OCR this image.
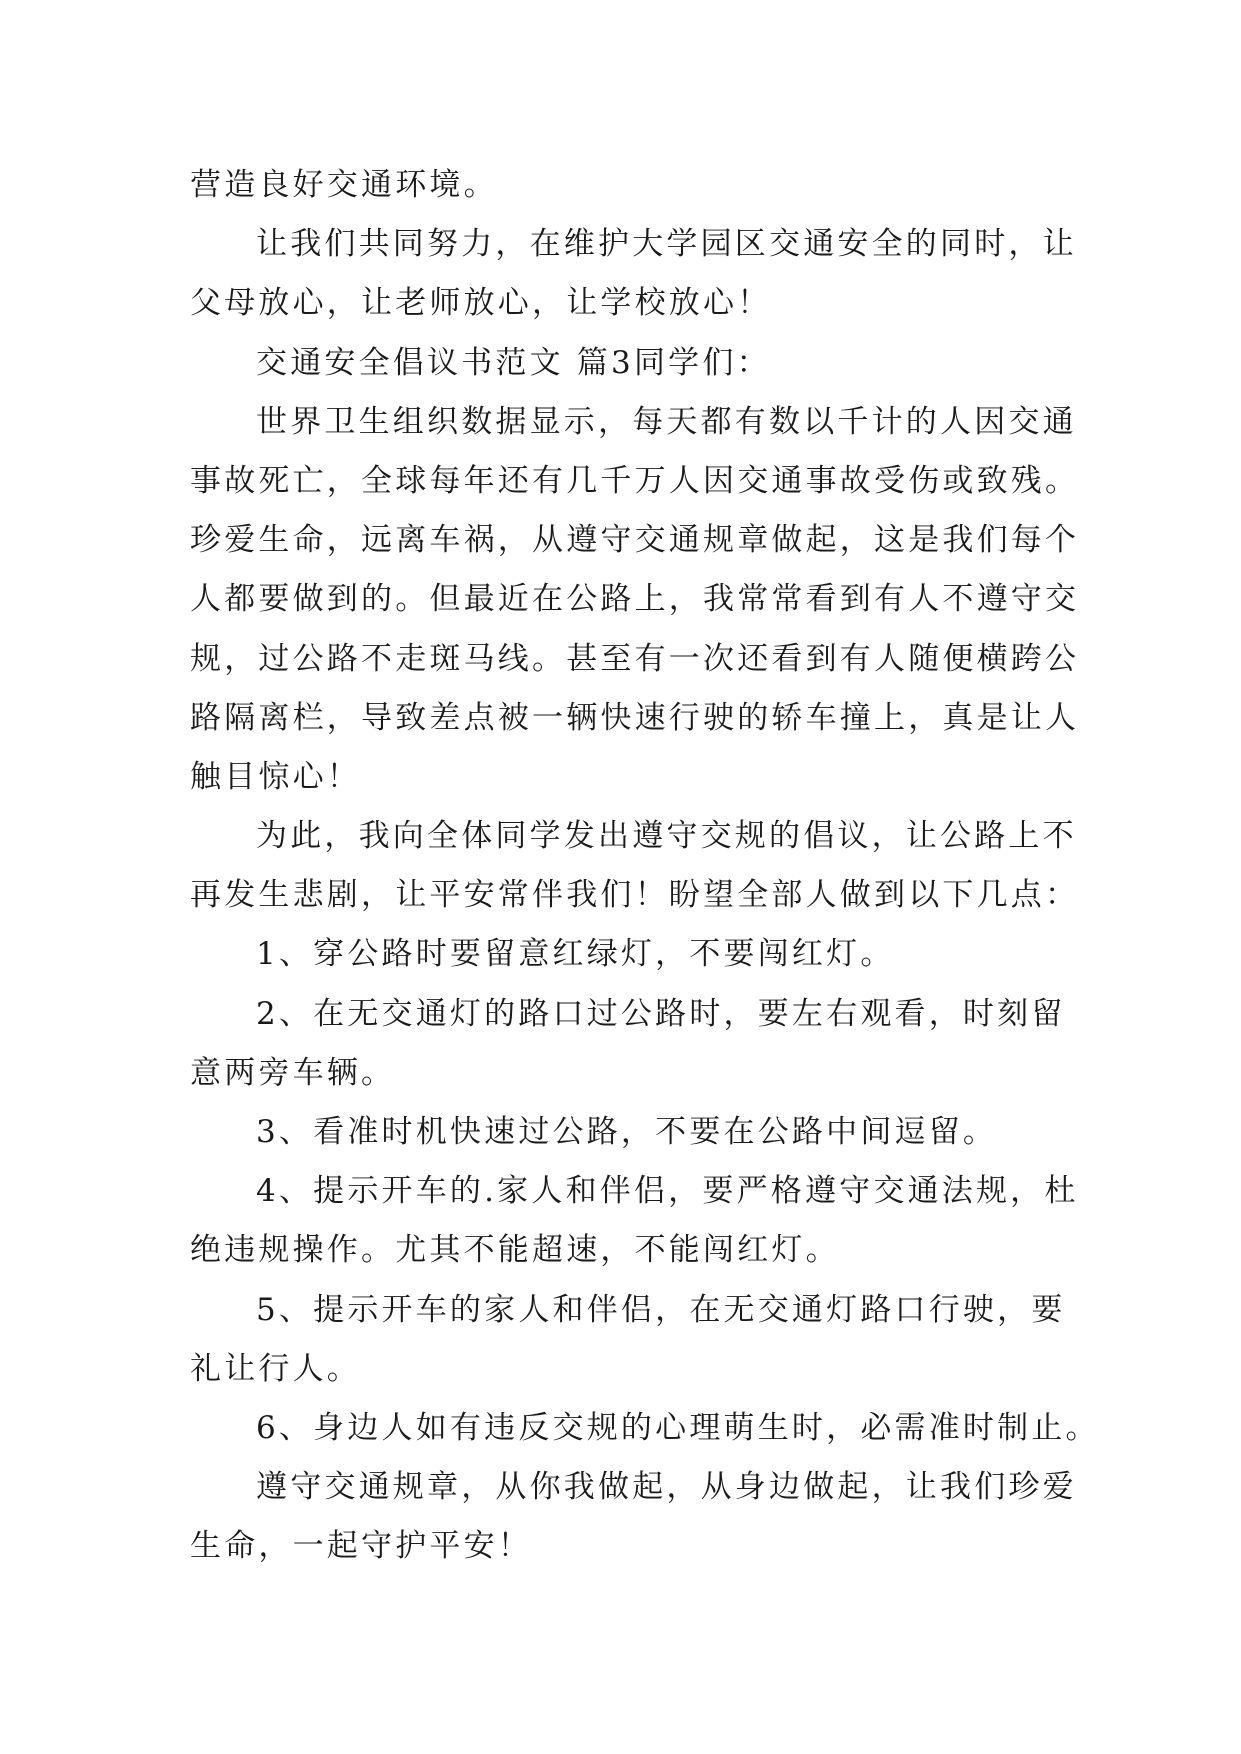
营造良好交通环境。
让我们共同努力，在维护大学园区交通安全的同时，让
父母放心，让老师放心，让学校放心！
交通安全倡议书范文 篇3同学们：
世界卫生组织数据显示，每天都有数以千计的人因交通
事故死亡，全球每年还有几千万人因交通事故受伤或致残。
珍爱生命，远离车祸，从遵守交通规章做起，这是我们每个
人都要做到的。但最近在公路上，我常常看到有人不遵守交
规，过公路不走斑马线。甚至有一次还看到有人随便横跨公
路隔离栏，导致差点被一辆快速行驶的轿车撞上，真是让人
触目惊心！
为此，我向全体同学发出遵守交规的倡议，让公路上不
再发生悲剧，让平安常伴我们！盼望全部人做到以下几点：
1、穿公路时要留意红绿灯，不要闯红灯。
2、在无交通灯的路口过公路时，要左右观看，时刻留
意两旁车辆。
3、看准时机快速过公路，不要在公路中间逗留。
4、提示开车的.家人和伴侣，要严格遵守交通法规，杜
绝违规操作。尤其不能超速，不能闯红灯。
5、提示开车的家人和伴侣，在无交通灯路口行驶，要
礼让行人。
6、身边人如有违反交规的心理萌生时，必需准时制止。
遵守交通规章，从你我做起，从身边做起，让我们珍爱
生命，一起守护平安！
